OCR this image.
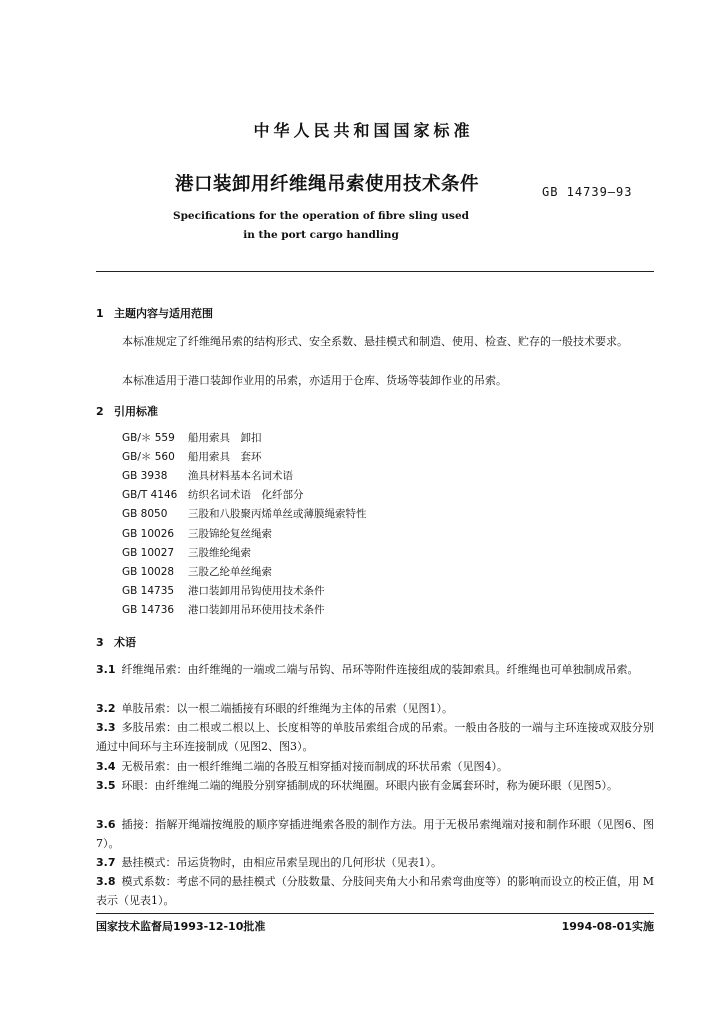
中华人民共和国国家标准
港口装卸用纤维绳吊索使用技术条件	GB 14739—93
Specifications for the operation of fibre sling used
in the port cargo handling
1 主题内容与适用范围
本标准规定了纤维绳吊索的结构形式、安全系数、悬挂模式和制造、使用、检查、贮存的一般技术要求。
本标准适用于港口装卸作业用的吊索，亦适用于仓库、货场等装卸作业的吊索。
2 引用标准
GB/＊ 559 船用索具　卸扣
GB/＊ 560 船用索具　套环
GB 3938 渔具材料基本名词术语
GB/T 4146 纺织名词术语　化纤部分
GB 8050 三股和八股聚丙烯单丝或薄膜绳索特性
GB 10026 三股锦纶复丝绳索
GB 10027 三股维纶绳索
GB 10028 三股乙纶单丝绳索
GB 14735 港口装卸用吊钩使用技术条件
GB 14736 港口装卸用吊环使用技术条件
3 术语
3.1 纤维绳吊索：由纤维绳的一端或二端与吊钩、吊环等附件连接组成的装卸索具。纤维绳也可单独制成吊索。
3.2 单肢吊索：以一根二端插接有环眼的纤维绳为主体的吊索（见图1）。
3.3 多肢吊索：由二根或二根以上、长度相等的单肢吊索组合成的吊索。一般由各肢的一端与主环连接或双肢分别通过中间环与主环连接制成（见图2、图3）。
3.4 无极吊索：由一根纤维绳二端的各股互相穿插对接而制成的环状吊索（见图4）。
3.5 环眼：由纤维绳二端的绳股分别穿插制成的环状绳圈。环眼内嵌有金属套环时，称为硬环眼（见图5）。
3.6 插接：指解开绳端按绳股的顺序穿插进绳索各股的制作方法。用于无极吊索绳端对接和制作环眼（见图6、图7）。
3.7 悬挂模式：吊运货物时，由相应吊索呈现出的几何形状（见表1）。
3.8 模式系数：考虑不同的悬挂模式（分肢数量、分肢间夹角大小和吊索弯曲度等）的影响而设立的校正值，用 M 表示（见表1）。
国家技术监督局1993-12-10批准	1994-08-01实施
